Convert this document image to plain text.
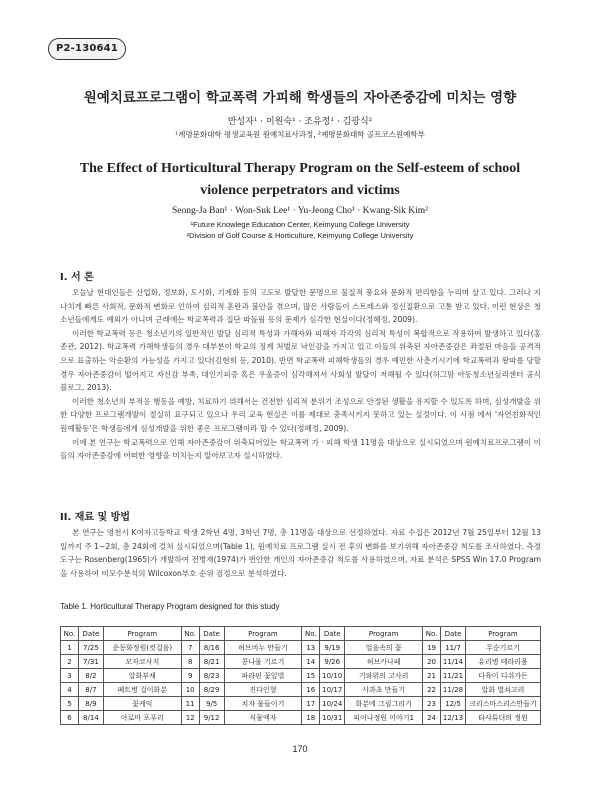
P2-130641
원예치료프로그램이 학교폭력 가피해 학생들의 자아존중감에 미치는 영향
반성자¹ · 이원숙¹ · 조유정¹ · 김광식²
¹계명문화대학 평생교육원 원예치료사과정, ²계명문화대학 골프코스원예학부
The Effect of Horticultural Therapy Program on the Self-esteem of school violence perpetrators and victims
Seong-Ja Ban¹ · Won-Suk Lee¹ · Yu-Jeong Cho¹ · Kwang-Sik Kim²
¹Future Knowlege Education Center, Keimyung College University
²Division of Golf Course & Horticulture, Keimyung College University
I. 서 론

오늘날 현대인들은 산업화, 정보화, 도시화, 기계화 등의 고도로 발달한 문명으로 물질적 풍요와 문화적 편리함을 누리며 살고 있다. 그러나 지나치게 빠른 사회적, 문화적 변화로 인하여 심리적 혼란과 불안을 겪으며, 많은 사람들이 스트레스와 정신질환으로 고통 받고 있다. 이런 현상은 청소년들에게도 예외가 아니며 근래에는 학교폭력과 집단 따돌림 등의 문제가 심각한 현실이다(정혜정, 2009).

이러한 학교폭력 등은 청소년기의 일반적인 발달 심리적 특성과 가해자와 피해자 각각의 심리적 특성이 복합적으로 작용하여 발생하고 있다(홍종관, 2012). 학교폭력 가해학생들의 경우 대부분이 학교의 징계 처벌로 낙인감을 가지고 있고 이들의 위축된 자아존중감은 좌절된 마음을 공격적으로 표출하는 악순환의 가능성을 가지고 있다(김현희 등, 2010). 반면 학교폭력 피해학생들의 경우 예민한 사춘기시기에 학교폭력과 왕따를 당할 경우 자아존중감이 떨어지고 자신감 부족, 대인기피증 혹은 우울증이 심각해져서 사회성 발달이 저해될 수 있다(허그맘 아동청소년심리센터 공식블로그, 2013).

이러한 청소년의 부적응 행동을 예방, 치료하기 위해서는 건전한 심리적 분위기 조성으로 안정된 생활을 유지할 수 있도록 하며, 심성개발을 위한 다양한 프로그램개발이 절실히 요구되고 있으나 우리 교육 현실은 이를 제대로 충족시키지 못하고 있는 실정이다. 이 시점 에서 '자연친화적인 원예활동'은 학생들에게 심성개발을 위한 좋은 프로그램이라 할 수 있다(정혜정, 2009).

이에 본 연구는 학교폭력으로 인해 자아존중감이 위축되어있는 학교폭력 가 · 피해 학생 11명을 대상으로 실시되었으며 원예치료프로그램이 이들의 자아존중감에 어떠한 영향을 미치는지 알아보고자 실시하였다.

II. 재료 및 방법

본 연구는 영천시 K여자고등학교 학생 2학년 4명, 3학년 7명, 총 11명을 대상으로 선정하였다. 자료 수집은 2012년 7월 25일부터 12월 13일까지 주 1~2회, 총 24회에 걸쳐 실시되었으며(Table 1), 원예치료 프로그램 실시 전 후의 변화를 보기위해 자아존중감 척도를 조사하였다. 측정도구는 Rosenberg(1965)가 개발하여 전병재(1974)가 번안한 개인의 자아존중감 척도를 사용하였으며, 자료 분석은 SPSS Win 17.0 Program을 사용하여 비모수분석의 Wilcoxon부호 순위 검정으로 분석하였다.

Table 1. Horticultural Therapy Program designed for this study
No.	Date	Program	No.	Date	Program	No.	Date	Program	No.	Date	Program
1	7/25	운동화정원(컷걸음)	7	8/16	허브비누 만들기	13	9/19	얼음속의 꽃	19	11/7	무순기르기
2	7/31	모자코사지	8	8/21	콩나물 기르기	14	9/26	허브카나페	20	11/14	유리병 테라리움
3	8/2	압화부채	9	8/23	파라핀 꽃잎벌	15	10/10	기와위의 고사리	21	11/21	다육이 디쉬가든
4	8/7	페트병 걸이화분	10	8/29	진다인형	16	10/17	사과초 만들기	22	11/28	압화 열쇠고리
5	8/9	꽃케익	11	9/5	치자 물들이기	17	10/24	화분에 그림그리기	23	12/5	크리스마스리스만들기
6	8/14	아로마 포푸리	12	9/12	식물액자	18	10/31	피어나정원 이야기1	24	12/13	타샤튜더의 정원
170
